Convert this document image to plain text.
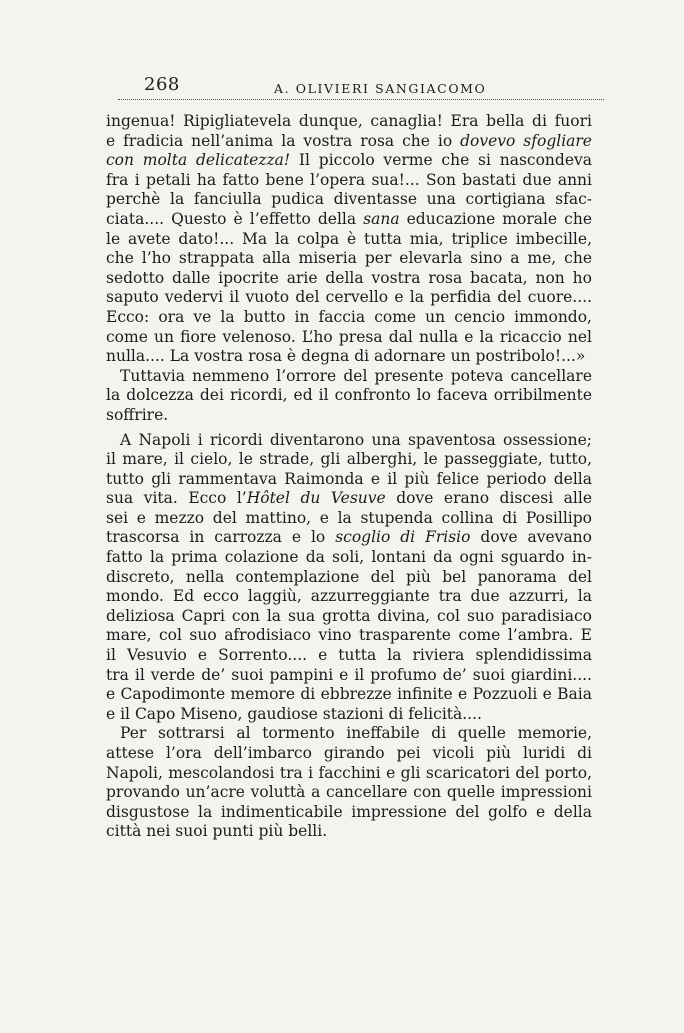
268	A. OLIVIERI SANGIACOMO
ingenua! Ripigliatevela dunque, canaglia! Era bella di fuori
e fradicia nell’anima la vostra rosa che io dovevo sfogliare
con molta delicatezza! Il piccolo verme che si nascondeva
fra i petali ha fatto bene l’opera sua!... Son bastati due anni
perchè la fanciulla pudica diventasse una cortigiana sfac-
ciata.... Questo è l’effetto della sana educazione morale che
le avete dato!... Ma la colpa è tutta mia, triplice imbecille,
che l’ho strappata alla miseria per elevarla sino a me, che
sedotto dalle ipocrite arie della vostra rosa bacata, non ho
saputo vedervi il vuoto del cervello e la perfidia del cuore....
Ecco: ora ve la butto in faccia come un cencio immondo,
come un fiore velenoso. L’ho presa dal nulla e la ricaccio nel
nulla.... La vostra rosa è degna di adornare un postribolo!...»
Tuttavia nemmeno l’orrore del presente poteva cancellare
la dolcezza dei ricordi, ed il confronto lo faceva orribilmente
soffrire.
A Napoli i ricordi diventarono una spaventosa ossessione;
il mare, il cielo, le strade, gli alberghi, le passeggiate, tutto,
tutto gli rammentava Raimonda e il più felice periodo della
sua vita. Ecco l’Hôtel du Vesuve dove erano discesi alle
sei e mezzo del mattino, e la stupenda collina di Posillipo
trascorsa in carrozza e lo scoglio di Frisio dove avevano
fatto la prima colazione da soli, lontani da ogni sguardo in-
discreto, nella contemplazione del più bel panorama del
mondo. Ed ecco laggiù, azzurreggiante tra due azzurri, la
deliziosa Capri con la sua grotta divina, col suo paradisiaco
mare, col suo afrodisiaco vino trasparente come l’ambra. E
il Vesuvio e Sorrento.... e tutta la riviera splendidissima
tra il verde de’ suoi pampini e il profumo de’ suoi giardini....
e Capodimonte memore di ebbrezze infinite e Pozzuoli e Baia
e il Capo Miseno, gaudiose stazioni di felicità....
Per sottrarsi al tormento ineffabile di quelle memorie,
attese l’ora dell’imbarco girando pei vicoli più luridi di
Napoli, mescolandosi tra i facchini e gli scaricatori del porto,
provando un’acre voluttà a cancellare con quelle impressioni
disgustose la indimenticabile impressione del golfo e della
città nei suoi punti più belli.
